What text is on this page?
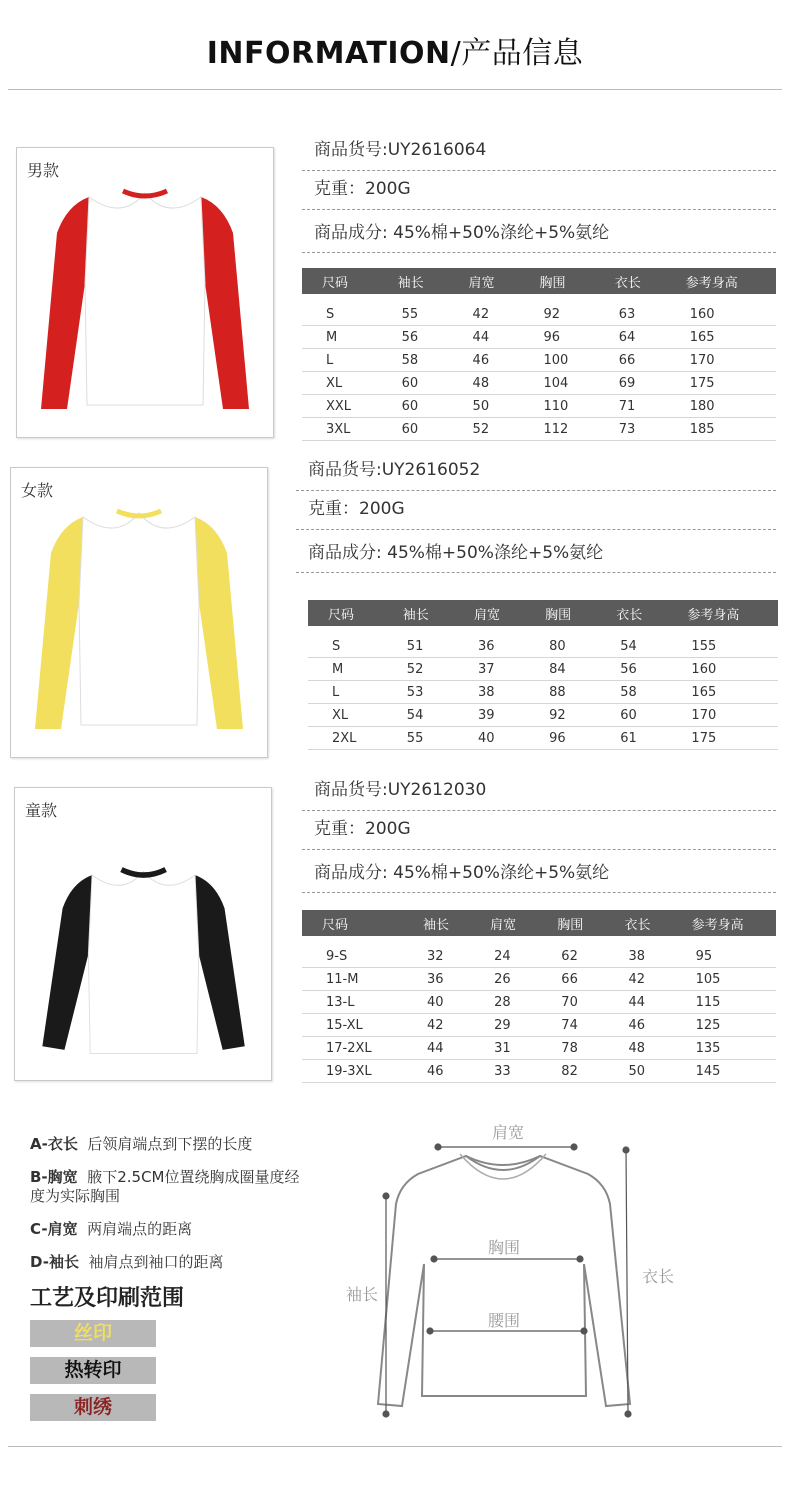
INFORMATION/产品信息
男款
商品货号:UY2616064
克重：200G
商品成分: 45%棉+50%涤纶+5%氨纶
尺码	袖长	肩宽	胸围	衣长	参考身高
S	55	42	92	63	160
M	56	44	96	64	165
L	58	46	100	66	170
XL	60	48	104	69	175
XXL	60	50	110	71	180
3XL	60	52	112	73	185
女款
商品货号:UY2616052
克重：200G
商品成分: 45%棉+50%涤纶+5%氨纶
尺码	袖长	肩宽	胸围	衣长	参考身高
S	51	36	80	54	155
M	52	37	84	56	160
L	53	38	88	58	165
XL	54	39	92	60	170
2XL	55	40	96	61	175
童款
商品货号:UY2612030
克重：200G
商品成分: 45%棉+50%涤纶+5%氨纶
尺码	袖长	肩宽	胸围	衣长	参考身高
9-S	32	24	62	38	95
11-M	36	26	66	42	105
13-L	40	28	70	44	115
15-XL	42	29	74	46	125
17-2XL	44	31	78	48	135
19-3XL	46	33	82	50	145
A-衣长 后领肩端点到下摆的长度
B-胸宽 腋下2.5CM位置绕胸成圈量度经度为实际胸围
C-肩宽 两肩端点的距离
D-袖长 袖肩点到袖口的距离
工艺及印刷范围
丝印
热转印
刺绣
肩宽
胸围
腰围
袖长
衣长
